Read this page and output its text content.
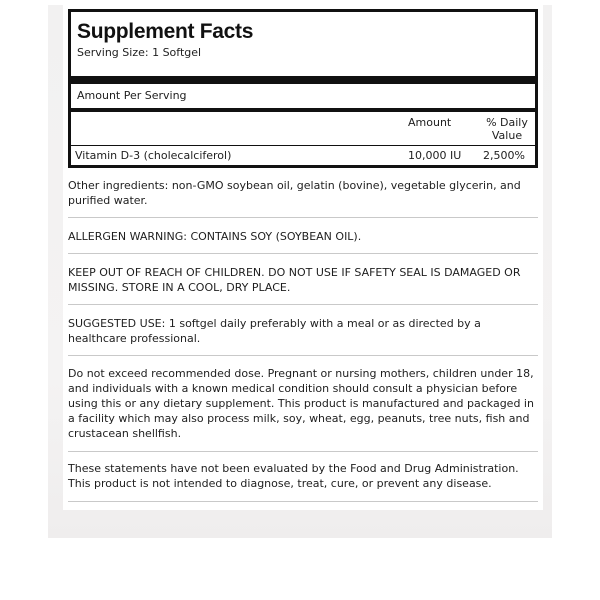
Supplement Facts
Serving Size: 1 Softgel
Amount Per Serving
Amount	% Daily
Value
Vitamin D-3 (cholecalciferol)	10,000 IU 2,500%
Other ingredients: non-GMO soybean oil, gelatin (bovine), vegetable glycerin, and purified water.
ALLERGEN WARNING: CONTAINS SOY (SOYBEAN OIL).
KEEP OUT OF REACH OF CHILDREN. DO NOT USE IF SAFETY SEAL IS DAMAGED OR MISSING. STORE IN A COOL, DRY PLACE.
SUGGESTED USE: 1 softgel daily preferably with a meal or as directed by a healthcare professional.
Do not exceed recommended dose. Pregnant or nursing mothers, children under 18, and individuals with a known medical condition should consult a physician before using this or any dietary supplement. This product is manufactured and packaged in a facility which may also process milk, soy, wheat, egg, peanuts, tree nuts, fish and crustacean shellfish.
These statements have not been evaluated by the Food and Drug Administration. This product is not intended to diagnose, treat, cure, or prevent any disease.
